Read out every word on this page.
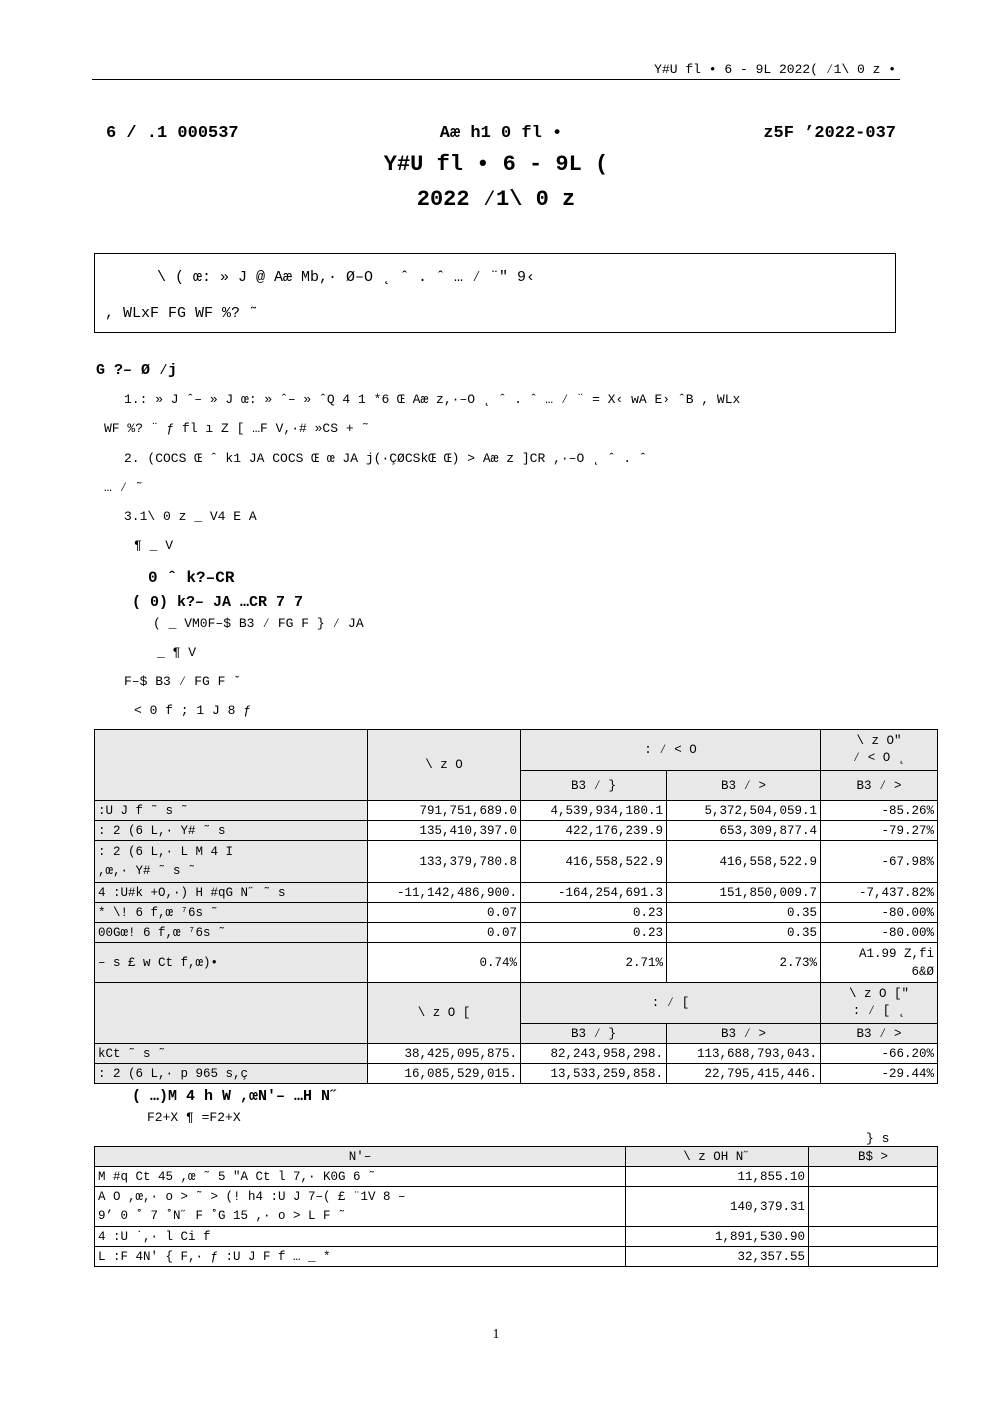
Y#U fl • 6 - 9L 2022( ⁄1\ 0 z •
6 / .1 000537	Aæ h1 0 fl •	z5F ’2022-037
Y#U fl • 6 - 9L (
2022 ⁄1\ 0 z
\ ( œ: » J @ Aæ Mb,· Ø–O ˛ ˆ . ˆ … ⁄ ¨" 9‹
, WLxF FG WF %? ˜
G ?– Ø ⁄j
1.: » J ˆ– » J œ: » ˆ– » ˆQ 4 1 *6 Œ Aæ z,·–O ˛ ˆ . ˆ … ⁄ ¨ = X‹ wA E› ˆB , WLx
WF %? ¨ ƒ fl ı Z [ …F V,·# »CS + ˜
2. (COCS Œ ˆ k1 JA COCS Œ œ JA j(·ÇØCSkŒ Œ) > Aæ z ]CR ,·–O ˛ ˆ . ˆ
… ⁄ ˜
3.1\ 0 z _ V4 E A
¶ _ V
0 ˆ k?–CR
( 0) k?– JA …CR 7 7
( _ VM0F–$ B3 ⁄ FG F } ⁄ JA
_ ¶ V
F–$ B3 ⁄ FG F ˇ
< 0 f ; 1 J 8 ƒ
	\ z O	: ⁄ < O		\ z O"
⁄ < O ˛

		B3 ⁄ }	B3 ⁄ >	B3 ⁄ >
:U J f ˜ s ˜	791,751,689.0	4,539,934,180.1	5,372,504,059.1	-85.26%
: 2 (6 L,· Y# ˜ s	135,410,397.0	422,176,239.9	653,309,877.4	-79.27%

: 2 (6 L,· L M 4 I
,œ,· Y# ˜ s ˜	133,379,780.8	416,558,522.9	416,558,522.9	-67.98%
4 :U#k +O,·) H #qG N˝ ˜ s	-11,142,486,900.	-164,254,691.3	151,850,009.7	-7,437.82%
* \! 6 f,œ ⁷6s ˜	0.07	0.23	0.35	-80.00%
00Gœ! 6 f,œ ⁷6s ˜	0.07	0.23	0.35	-80.00%
– s £ w Ct f,œ)•	0.74%	2.71%	2.73%	A1.99 Z,fi
6&Ø

	\ z O [	: ⁄ [		\ z O ["
: ⁄ [ ˛

		B3 ⁄ }	B3 ⁄ >	B3 ⁄ >
kCt ˜ s ˜	38,425,095,875.	82,243,958,298.	113,688,793,043.	-66.20%
: 2 (6 L,· p 965 s,ç	16,085,529,015.	13,533,259,858.	22,795,415,446.	-29.44%
( …)M 4 h W ,œN'– …H N˝
F2+X ¶ =F2+X
} s
N'–	\ z OH N˝	B$ >
M #q Ct 45 ,œ ˜ 5 "A Ct l 7,· K0G 6 ˜	11,855.10	

A O ,œ,· o > ˜ > (! h4 :U J 7–( £ ¨1V 8 –
9’ 0 ˚ 7 ˚N˝ F ˚G 15 ,· o > L F ˜	140,379.31	
4 :U ˙,· l Ci f	1,891,530.90	
L :F 4N' { F,· ƒ :U J F f … _ *	32,357.55	
1
